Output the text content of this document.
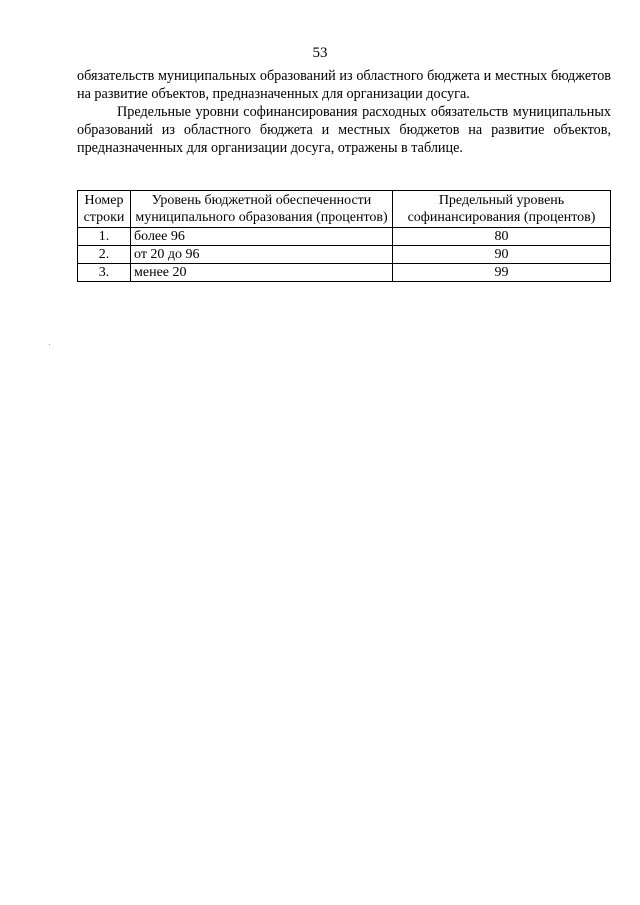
53

обязательств муниципальных образований из областного бюджета и местных бюджетов на развитие объектов, предназначенных для организации досуга.

Предельные уровни софинансирования расходных обязательств муниципальных образований из областного бюджета и местных бюджетов на развитие объектов, предназначенных для организации досуга, отражены в таблице.

Номер строки	Уровень бюджетной обеспеченности муниципального образования (процентов)	Предельный уровень софинансирования (процентов)
1.	более 96	80
2.	от 20 до 96	90
3.	менее 20	99
